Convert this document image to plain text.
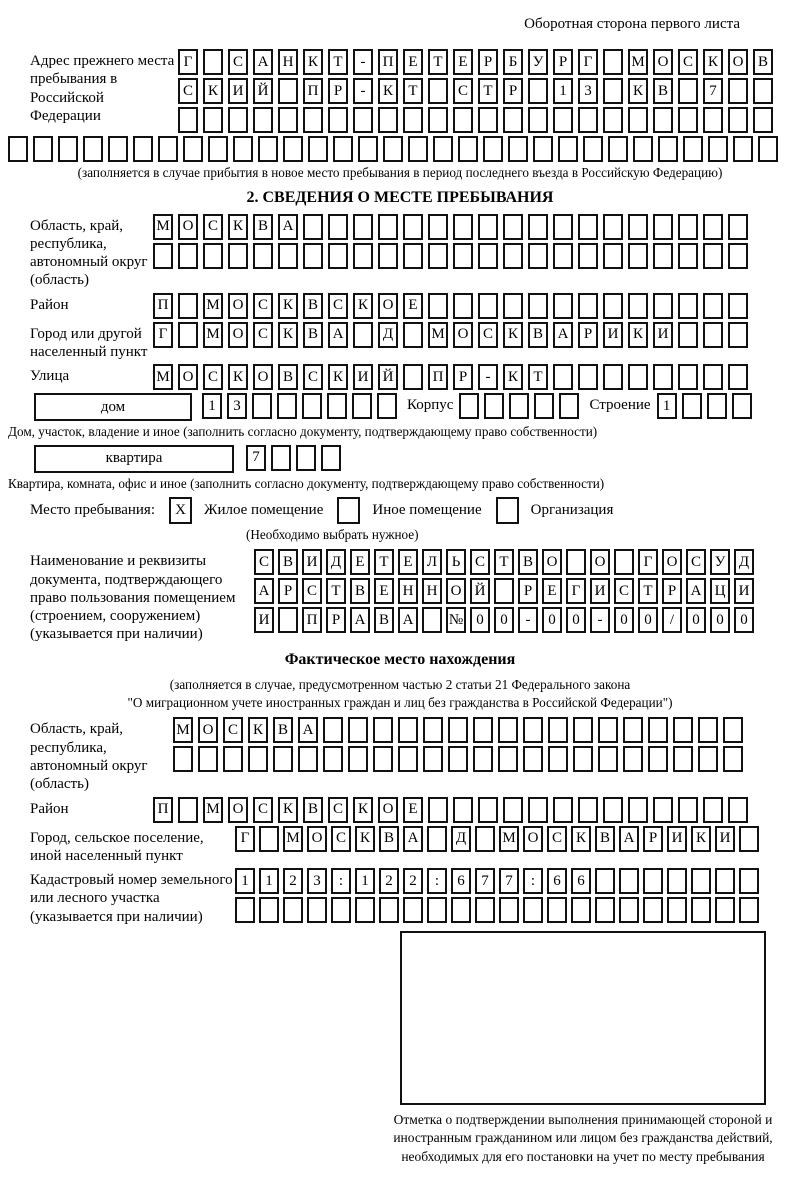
Оборотная сторона первого листа
Адрес прежнего места пребывания в Российской Федерации
Г	С А Н К	Т	-	П Е	Т	Е	Р	Б	У	Р	Г	М О С К О В
С К И Й	П	Р	-	К	Т	С	Т	Р	1	3	К В	7
(заполняется в случае прибытия в новое место пребывания в период последнего въезда в Российскую Федерацию)
2. СВЕДЕНИЯ О МЕСТЕ ПРЕБЫВАНИЯ
Область, край, республика, автономный округ (область)
М О С К В А
Район	П	М О С К В С К О Е
Город или другой населенный пункт
Г	М О С К В А	Д	М О С К В А	Р	И К И
Улица	М О С К О В С К И Й	П	Р	-	К	Т
дом	1	3	Корпус	Строение 1
Дом, участок, владение и иное (заполнить согласно документу, подтверждающему право собственности)
квартира	7
Квартира, комната, офис и иное (заполнить согласно документу, подтверждающему право собственности)
Место пребывания: X Жилое помещение	Иное помещение	Организация
(Необходимо выбрать нужное)
Наименование и реквизиты документа, подтверждающего право пользования помещением (строением, сооружением) (указывается при наличии)
С В И Д Е Т Е Л Ь С Т В О	О	Г О С У Д
А Р С Т В Е Н Н О Й	Р	Е	Г И С Т	Р А Ц И
И	П Р А В А	№ 0	0	-	0	0	-	0	0	/	0	0	0
Фактическое место нахождения
(заполняется в случае, предусмотренном частью 2 статьи 21 Федерального закона
"О миграционном учете иностранных граждан и лиц без гражданства в Российской Федерации")
Область, край, республика, автономный округ (область)
М О С К В А
Район	П	М О С К В С К О Е
Город, сельское поселение, иной населенный пункт
Г	М О С К В А	Д	М О С К В А Р И К И
Кадастровый номер земельного или лесного участка (указывается при наличии)
1	1	2	3	:	1	2	2	:	6	7	7	:	6	6
Отметка о подтверждении выполнения принимающей стороной и иностранным гражданином или лицом без гражданства действий, необходимых для его постановки на учет по месту пребывания
